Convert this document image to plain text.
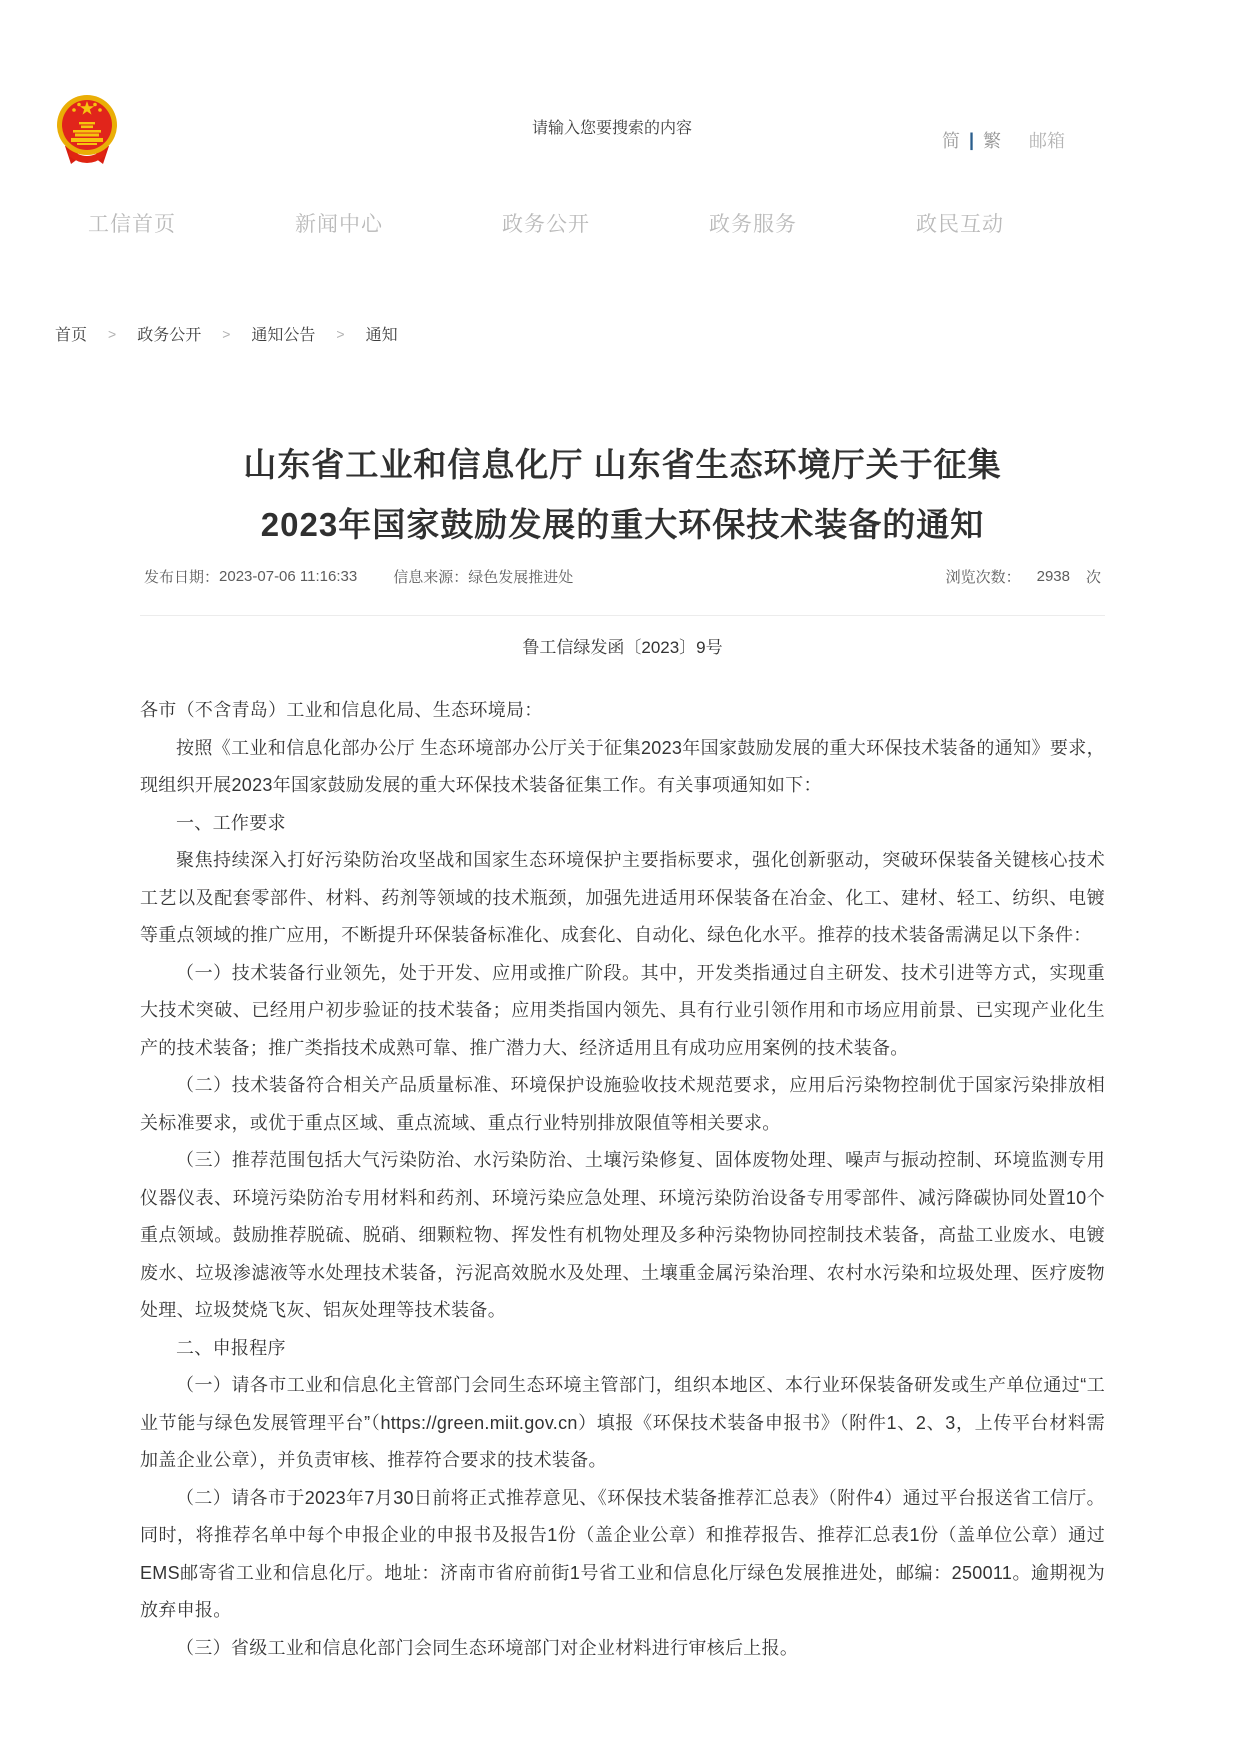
请输入您要搜索的内容
简 | 繁 邮箱
工信首页	新闻中心	政务公开	政务服务	政民互动
首页 > 政务公开 > 通知公告 > 通知
山东省工业和信息化厅 山东省生态环境厅关于征集
2023年国家鼓励发展的重大环保技术装备的通知
发布日期： 2023-07-06 11:16:33 信息来源： 绿色发展推进处	浏览次数： 2938 次
鲁工信绿发函〔2023〕9号

各市（不含青岛）工业和信息化局、生态环境局：

按照《工业和信息化部办公厅 生态环境部办公厅关于征集2023年国家鼓励发展的重大环保技术装备的通知》要求，现组织开展2023年国家鼓励发展的重大环保技术装备征集工作。有关事项通知如下：

一、工作要求

聚焦持续深入打好污染防治攻坚战和国家生态环境保护主要指标要求，强化创新驱动，突破环保装备关键核心技术工艺以及配套零部件、材料、药剂等领域的技术瓶颈，加强先进适用环保装备在冶金、化工、建材、轻工、纺织、电镀等重点领域的推广应用，不断提升环保装备标准化、成套化、自动化、绿色化水平。推荐的技术装备需满足以下条件：

（一）技术装备行业领先，处于开发、应用或推广阶段。其中，开发类指通过自主研发、技术引进等方式，实现重大技术突破、已经用户初步验证的技术装备；应用类指国内领先、具有行业引领作用和市场应用前景、已实现产业化生产的技术装备；推广类指技术成熟可靠、推广潜力大、经济适用且有成功应用案例的技术装备。

（二）技术装备符合相关产品质量标准、环境保护设施验收技术规范要求，应用后污染物控制优于国家污染排放相关标准要求，或优于重点区域、重点流域、重点行业特别排放限值等相关要求。

（三）推荐范围包括大气污染防治、水污染防治、土壤污染修复、固体废物处理、噪声与振动控制、环境监测专用仪器仪表、环境污染防治专用材料和药剂、环境污染应急处理、环境污染防治设备专用零部件、减污降碳协同处置10个重点领域。鼓励推荐脱硫、脱硝、细颗粒物、挥发性有机物处理及多种污染物协同控制技术装备，高盐工业废水、电镀废水、垃圾渗滤液等水处理技术装备，污泥高效脱水及处理、土壤重金属污染治理、农村水污染和垃圾处理、医疗废物处理、垃圾焚烧飞灰、铝灰处理等技术装备。

二、申报程序

（一）请各市工业和信息化主管部门会同生态环境主管部门，组织本地区、本行业环保装备研发或生产单位通过“工业节能与绿色发展管理平台”（https://green.miit.gov.cn）填报《环保技术装备申报书》（附件1、2、3，上传平台材料需加盖企业公章），并负责审核、推荐符合要求的技术装备。

（二）请各市于2023年7月30日前将正式推荐意见、《环保技术装备推荐汇总表》（附件4）通过平台报送省工信厅。同时，将推荐名单中每个申报企业的申报书及报告1份（盖企业公章）和推荐报告、推荐汇总表1份（盖单位公章）通过EMS邮寄省工业和信息化厅。地址：济南市省府前街1号省工业和信息化厅绿色发展推进处，邮编：250011。逾期视为放弃申报。

（三）省级工业和信息化部门会同生态环境部门对企业材料进行审核后上报。
